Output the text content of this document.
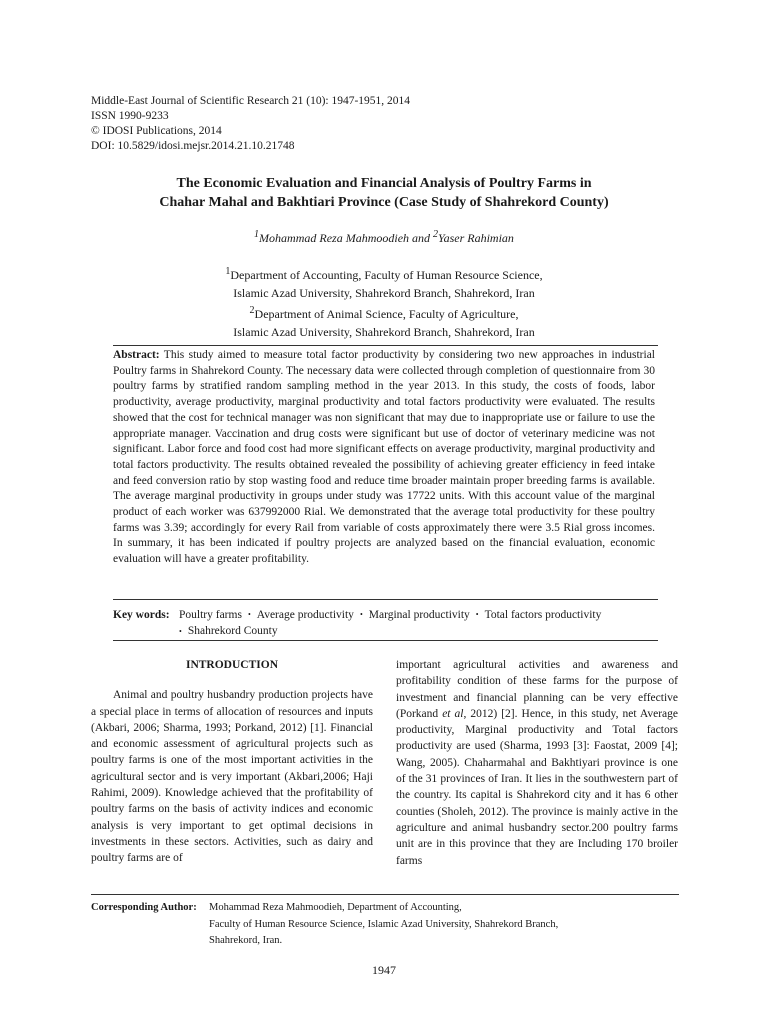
Middle-East Journal of Scientific Research 21 (10): 1947-1951, 2014
ISSN 1990-9233
© IDOSI Publications, 2014
DOI: 10.5829/idosi.mejsr.2014.21.10.21748
The Economic Evaluation and Financial Analysis of Poultry Farms in
Chahar Mahal and Bakhtiari Province (Case Study of Shahrekord County)
$^1$Mohammad Reza Mahmoodieh and $^2$Yaser Rahimian
$^1$Department of Accounting, Faculty of Human Resource Science,
Islamic Azad University, Shahrekord Branch, Shahrekord, Iran
$^2$Department of Animal Science, Faculty of Agriculture,
Islamic Azad University, Shahrekord Branch, Shahrekord, Iran
Abstract: This study aimed to measure total factor productivity by considering two new approaches in industrial Poultry farms in Shahrekord County. The necessary data were collected through completion of questionnaire from 30 poultry farms by stratified random sampling method in the year 2013. In this study, the costs of foods, labor productivity, average productivity, marginal productivity and total factors productivity were evaluated. The results showed that the cost for technical manager was non significant that may due to inappropriate use or failure to use the appropriate manager. Vaccination and drug costs were significant but use of doctor of veterinary medicine was not significant. Labor force and food cost had more significant effects on average productivity, marginal productivity and total factors productivity. The results obtained revealed the possibility of achieving greater efficiency in feed intake and feed conversion ratio by stop wasting food and reduce time broader maintain proper breeding farms is available. The average marginal productivity in groups under study was 17722 units. With this account value of the marginal product of each worker was 637992000 Rial. We demonstrated that the average total productivity for these poultry farms was 3.39; accordingly for every Rail from variable of costs approximately there were 3.5 Rial gross incomes. In summary, it has been indicated if poultry projects are analyzed based on the financial evaluation, economic evaluation will have a greater profitability.
Key words: Poultry farms • Average productivity • Marginal productivity • Total factors productivity
• Shahrekord County
INTRODUCTION

Animal and poultry husbandry production projects have a special place in terms of allocation of resources and inputs (Akbari, 2006; Sharma, 1993; Porkand, 2012) [1]. Financial and economic assessment of agricultural projects such as poultry farms is one of the most important activities in the agricultural sector and is very important (Akbari,2006; Haji Rahimi, 2009). Knowledge achieved that the profitability of poultry farms on the basis of activity indices and economic analysis is very important to get optimal decisions in investments in these sectors. Activities, such as dairy and poultry farms are of

important agricultural activities and awareness and profitability condition of these farms for the purpose of investment and financial planning can be very effective (Porkand et al, 2012) [2]. Hence, in this study, net Average productivity, Marginal productivity and Total factors productivity are used (Sharma, 1993 [3]: Faostat, 2009 [4]; Wang, 2005). Chaharmahal and Bakhtiyari province is one of the 31 provinces of Iran. It lies in the southwestern part of the country. Its capital is Shahrekord city and it has 6 other counties (Sholeh, 2012). The province is mainly active in the agriculture and animal husbandry sector.200 poultry farms unit are in this province that they are Including 170 broiler farms

Corresponding Author:	Mohammad Reza Mahmoodieh, Department of Accounting,
Faculty of Human Resource Science, Islamic Azad University, Shahrekord Branch,
Shahrekord, Iran.
1947
